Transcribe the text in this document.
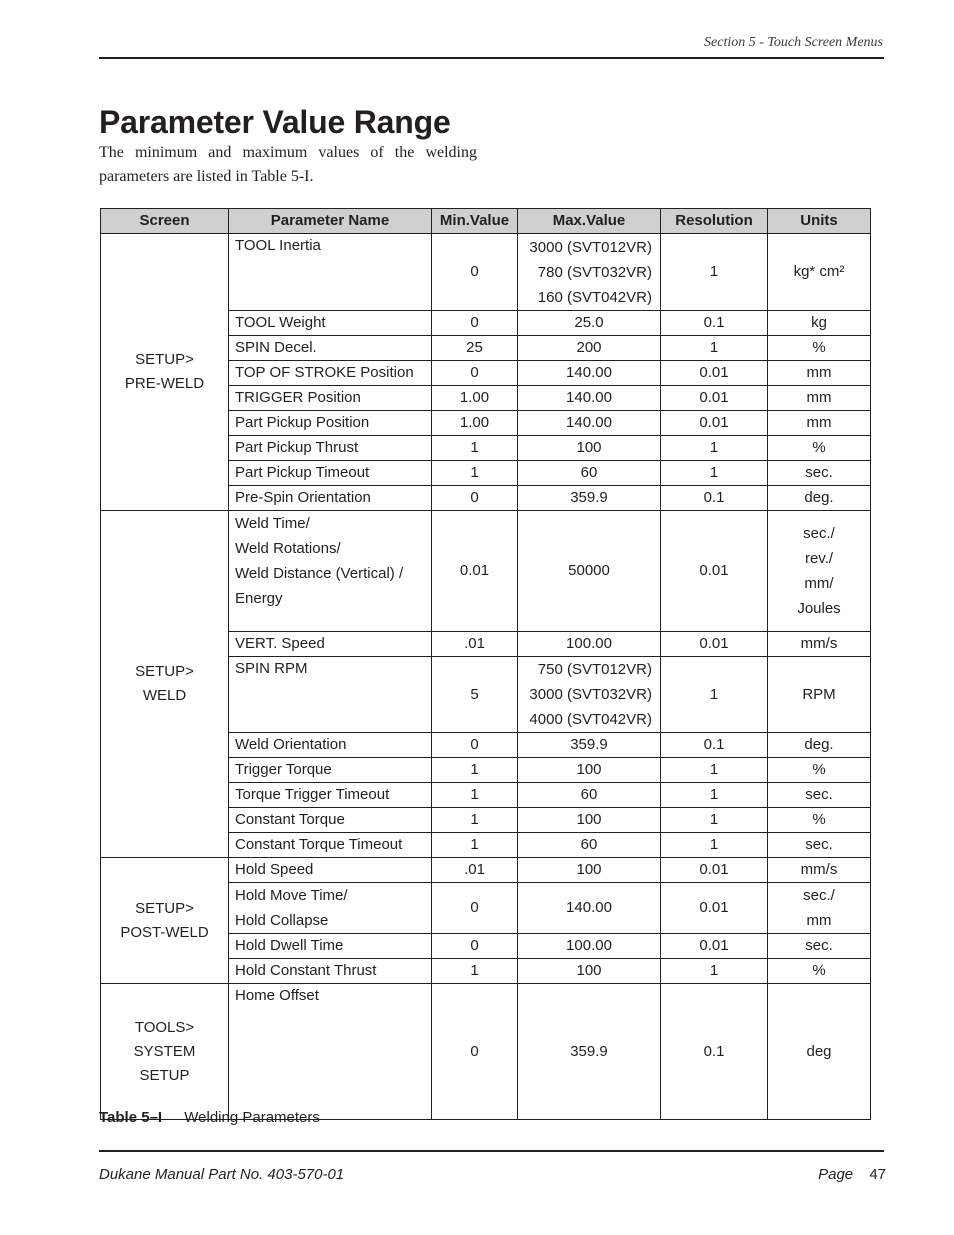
Section 5 - Touch Screen Menus
Parameter Value Range

The minimum and maximum values of the welding parameters are listed in Table 5-I.

Screen	Parameter Name	Min.Value	Max.Value	Resolution	Units

SETUP>
PRE-WELD	TOOL Inertia	0	3000 (SVT012VR)
780 (SVT032VR)
160 (SVT042VR)	1	kg* cm²

	TOOL Weight	0	25.0	0.1	kg

	SPIN Decel.	25	200	1	%

	TOP OF STROKE Position	0	140.00	0.01	mm

	TRIGGER Position	1.00	140.00	0.01	mm

	Part Pickup Position	1.00	140.00	0.01	mm

	Part Pickup Thrust	1	100	1	%

	Part Pickup Timeout	1	60	1	sec.

	Pre-Spin Orientation	0	359.9	0.1	deg.

SETUP>
WELD	Weld Time/
Weld Rotations/
Weld Distance (Vertical) /
Energy	0.01	50000	0.01	sec./
rev./
mm/
Joules

	VERT. Speed	.01	100.00	0.01	mm/s

	SPIN RPM	5	750 (SVT012VR)
3000 (SVT032VR)
4000 (SVT042VR)	1	RPM

	Weld Orientation	0	359.9	0.1	deg.

	Trigger Torque	1	100	1	%

	Torque Trigger Timeout	1	60	1	sec.

	Constant Torque	1	100	1	%

	Constant Torque Timeout	1	60	1	sec.

SETUP>
POST-WELD	Hold Speed	.01	100	0.01	mm/s

	Hold Move Time/
Hold Collapse	0	140.00	0.01	sec./
mm

	Hold Dwell Time	0	100.00	0.01	sec.

	Hold Constant Thrust	1	100	1	%

TOOLS>
SYSTEM
SETUP	Home Offset	0	359.9	0.1	deg
Table 5–I Welding Parameters
Dukane Manual Part No. 403-570-01	Page 47
